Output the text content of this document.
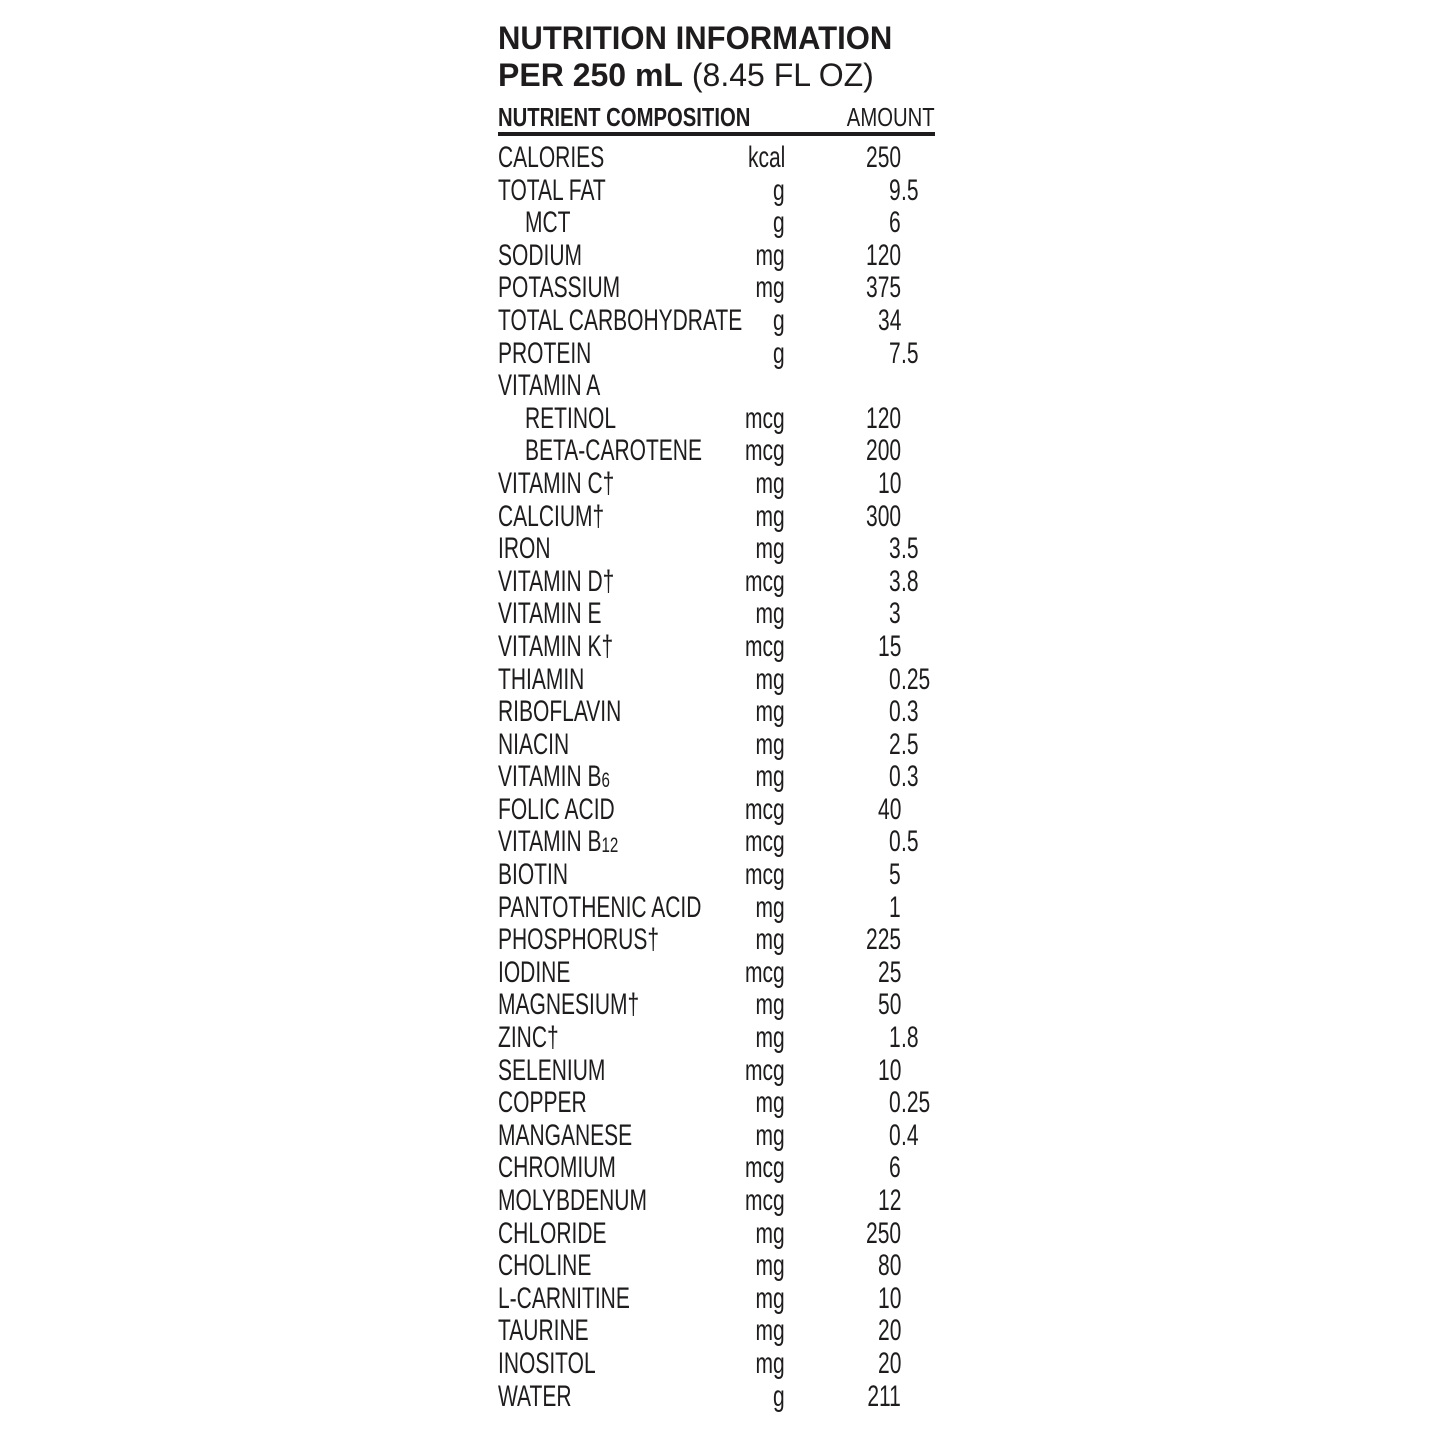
NUTRITION INFORMATION
PER 250 mL (8.45 FL OZ)
NUTRIENT COMPOSITION	AMOUNT
CALORIES	kcal	250
TOTAL FAT	g	9 .5
MCT	g	6
SODIUM	mg	120
POTASSIUM	mg	375
TOTAL CARBOHYDRATE	g	34
PROTEIN	g	7 .5
VITAMIN A
RETINOL	mcg	120
BETA-CAROTENE	mcg	200
VITAMIN C†	mg	10
CALCIUM†	mg	300
IRON	mg	3 .5
VITAMIN D†	mcg	3 .8
VITAMIN E	mg	3
VITAMIN K†	mcg	15
THIAMIN	mg	0 .25
RIBOFLAVIN	mg	0 .3
NIACIN	mg	2 .5
VITAMIN B6	mg	0 .3
FOLIC ACID	mcg	40
VITAMIN B12	mcg	0 .5
BIOTIN	mcg	5
PANTOTHENIC ACID	mg	1
PHOSPHORUS†	mg	225
IODINE	mcg	25
MAGNESIUM†	mg	50
ZINC†	mg	1 .8
SELENIUM	mcg	10
COPPER	mg	0 .25
MANGANESE	mg	0 .4
CHROMIUM	mcg	6
MOLYBDENUM	mcg	12
CHLORIDE	mg	250
CHOLINE	mg	80
L-CARNITINE	mg	10
TAURINE	mg	20
INOSITOL	mg	20
WATER	g	211
